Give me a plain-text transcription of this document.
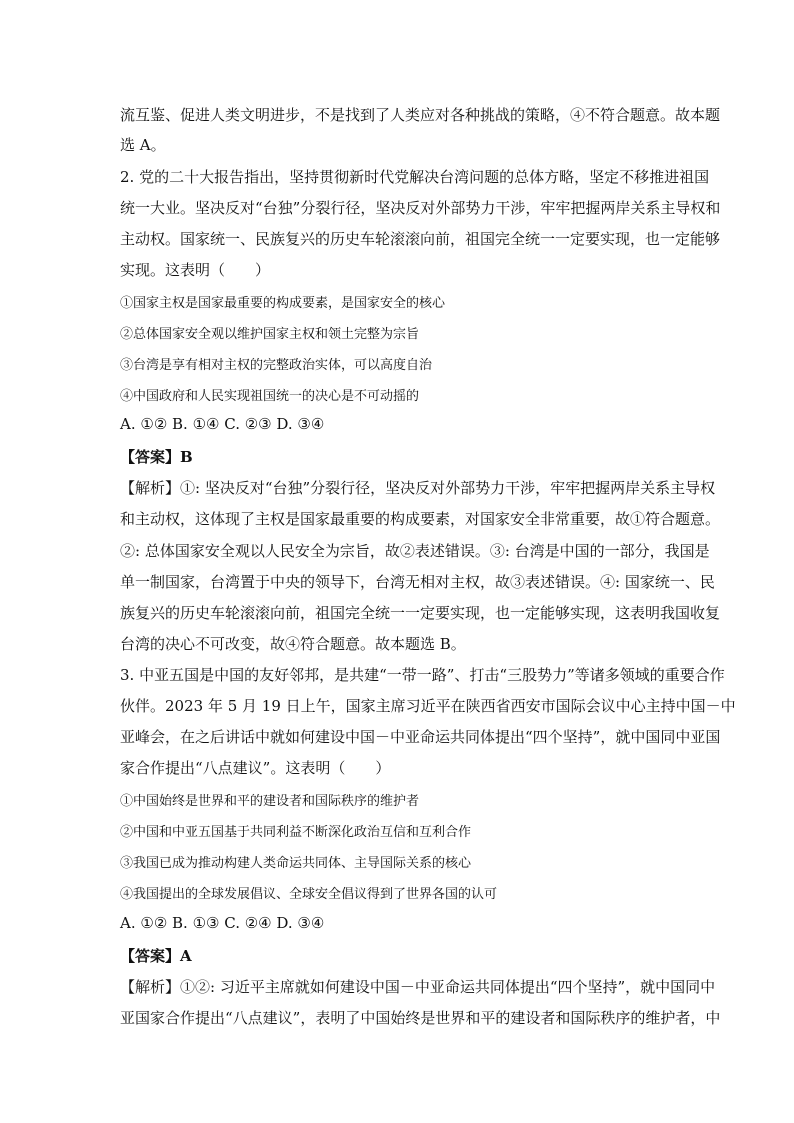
流互鉴、促进人类文明进步，不是找到了人类应对各种挑战的策略，④不符合题意。故本题
选 A。
2. 党的二十大报告指出，坚持贯彻新时代党解决台湾问题的总体方略，坚定不移推进祖国
统一大业。坚决反对“台独”分裂行径，坚决反对外部势力干涉，牢牢把握两岸关系主导权和
主动权。国家统一、民族复兴的历史车轮滚滚向前，祖国完全统一一定要实现，也一定能够
实现。这表明（　　）
①国家主权是国家最重要的构成要素，是国家安全的核心
②总体国家安全观以维护国家主权和领土完整为宗旨
③台湾是享有相对主权的完整政治实体，可以高度自治
④中国政府和人民实现祖国统一的决心是不可动摇的
A. ①② B. ①④ C. ②③ D. ③④
【答案】B
【解析】①: 坚决反对“台独”分裂行径，坚决反对外部势力干涉，牢牢把握两岸关系主导权
和主动权，这体现了主权是国家最重要的构成要素，对国家安全非常重要，故①符合题意。
②: 总体国家安全观以人民安全为宗旨，故②表述错误。③: 台湾是中国的一部分，我国是
单一制国家，台湾置于中央的领导下，台湾无相对主权，故③表述错误。④: 国家统一、民
族复兴的历史车轮滚滚向前，祖国完全统一一定要实现，也一定能够实现，这表明我国收复
台湾的决心不可改变，故④符合题意。故本题选 B。
3. 中亚五国是中国的友好邻邦，是共建“一带一路”、打击“三股势力”等诸多领域的重要合作
伙伴。2023 年 5 月 19 日上午，国家主席习近平在陕西省西安市国际会议中心主持中国－中
亚峰会，在之后讲话中就如何建设中国－中亚命运共同体提出“四个坚持”，就中国同中亚国
家合作提出“八点建议”。这表明（　　）
①中国始终是世界和平的建设者和国际秩序的维护者
②中国和中亚五国基于共同利益不断深化政治互信和互利合作
③我国已成为推动构建人类命运共同体、主导国际关系的核心
④我国提出的全球发展倡议、全球安全倡议得到了世界各国的认可
A. ①② B. ①③ C. ②④ D. ③④
【答案】A
【解析】①②: 习近平主席就如何建设中国－中亚命运共同体提出“四个坚持”，就中国同中
亚国家合作提出“八点建议”，表明了中国始终是世界和平的建设者和国际秩序的维护者，中
